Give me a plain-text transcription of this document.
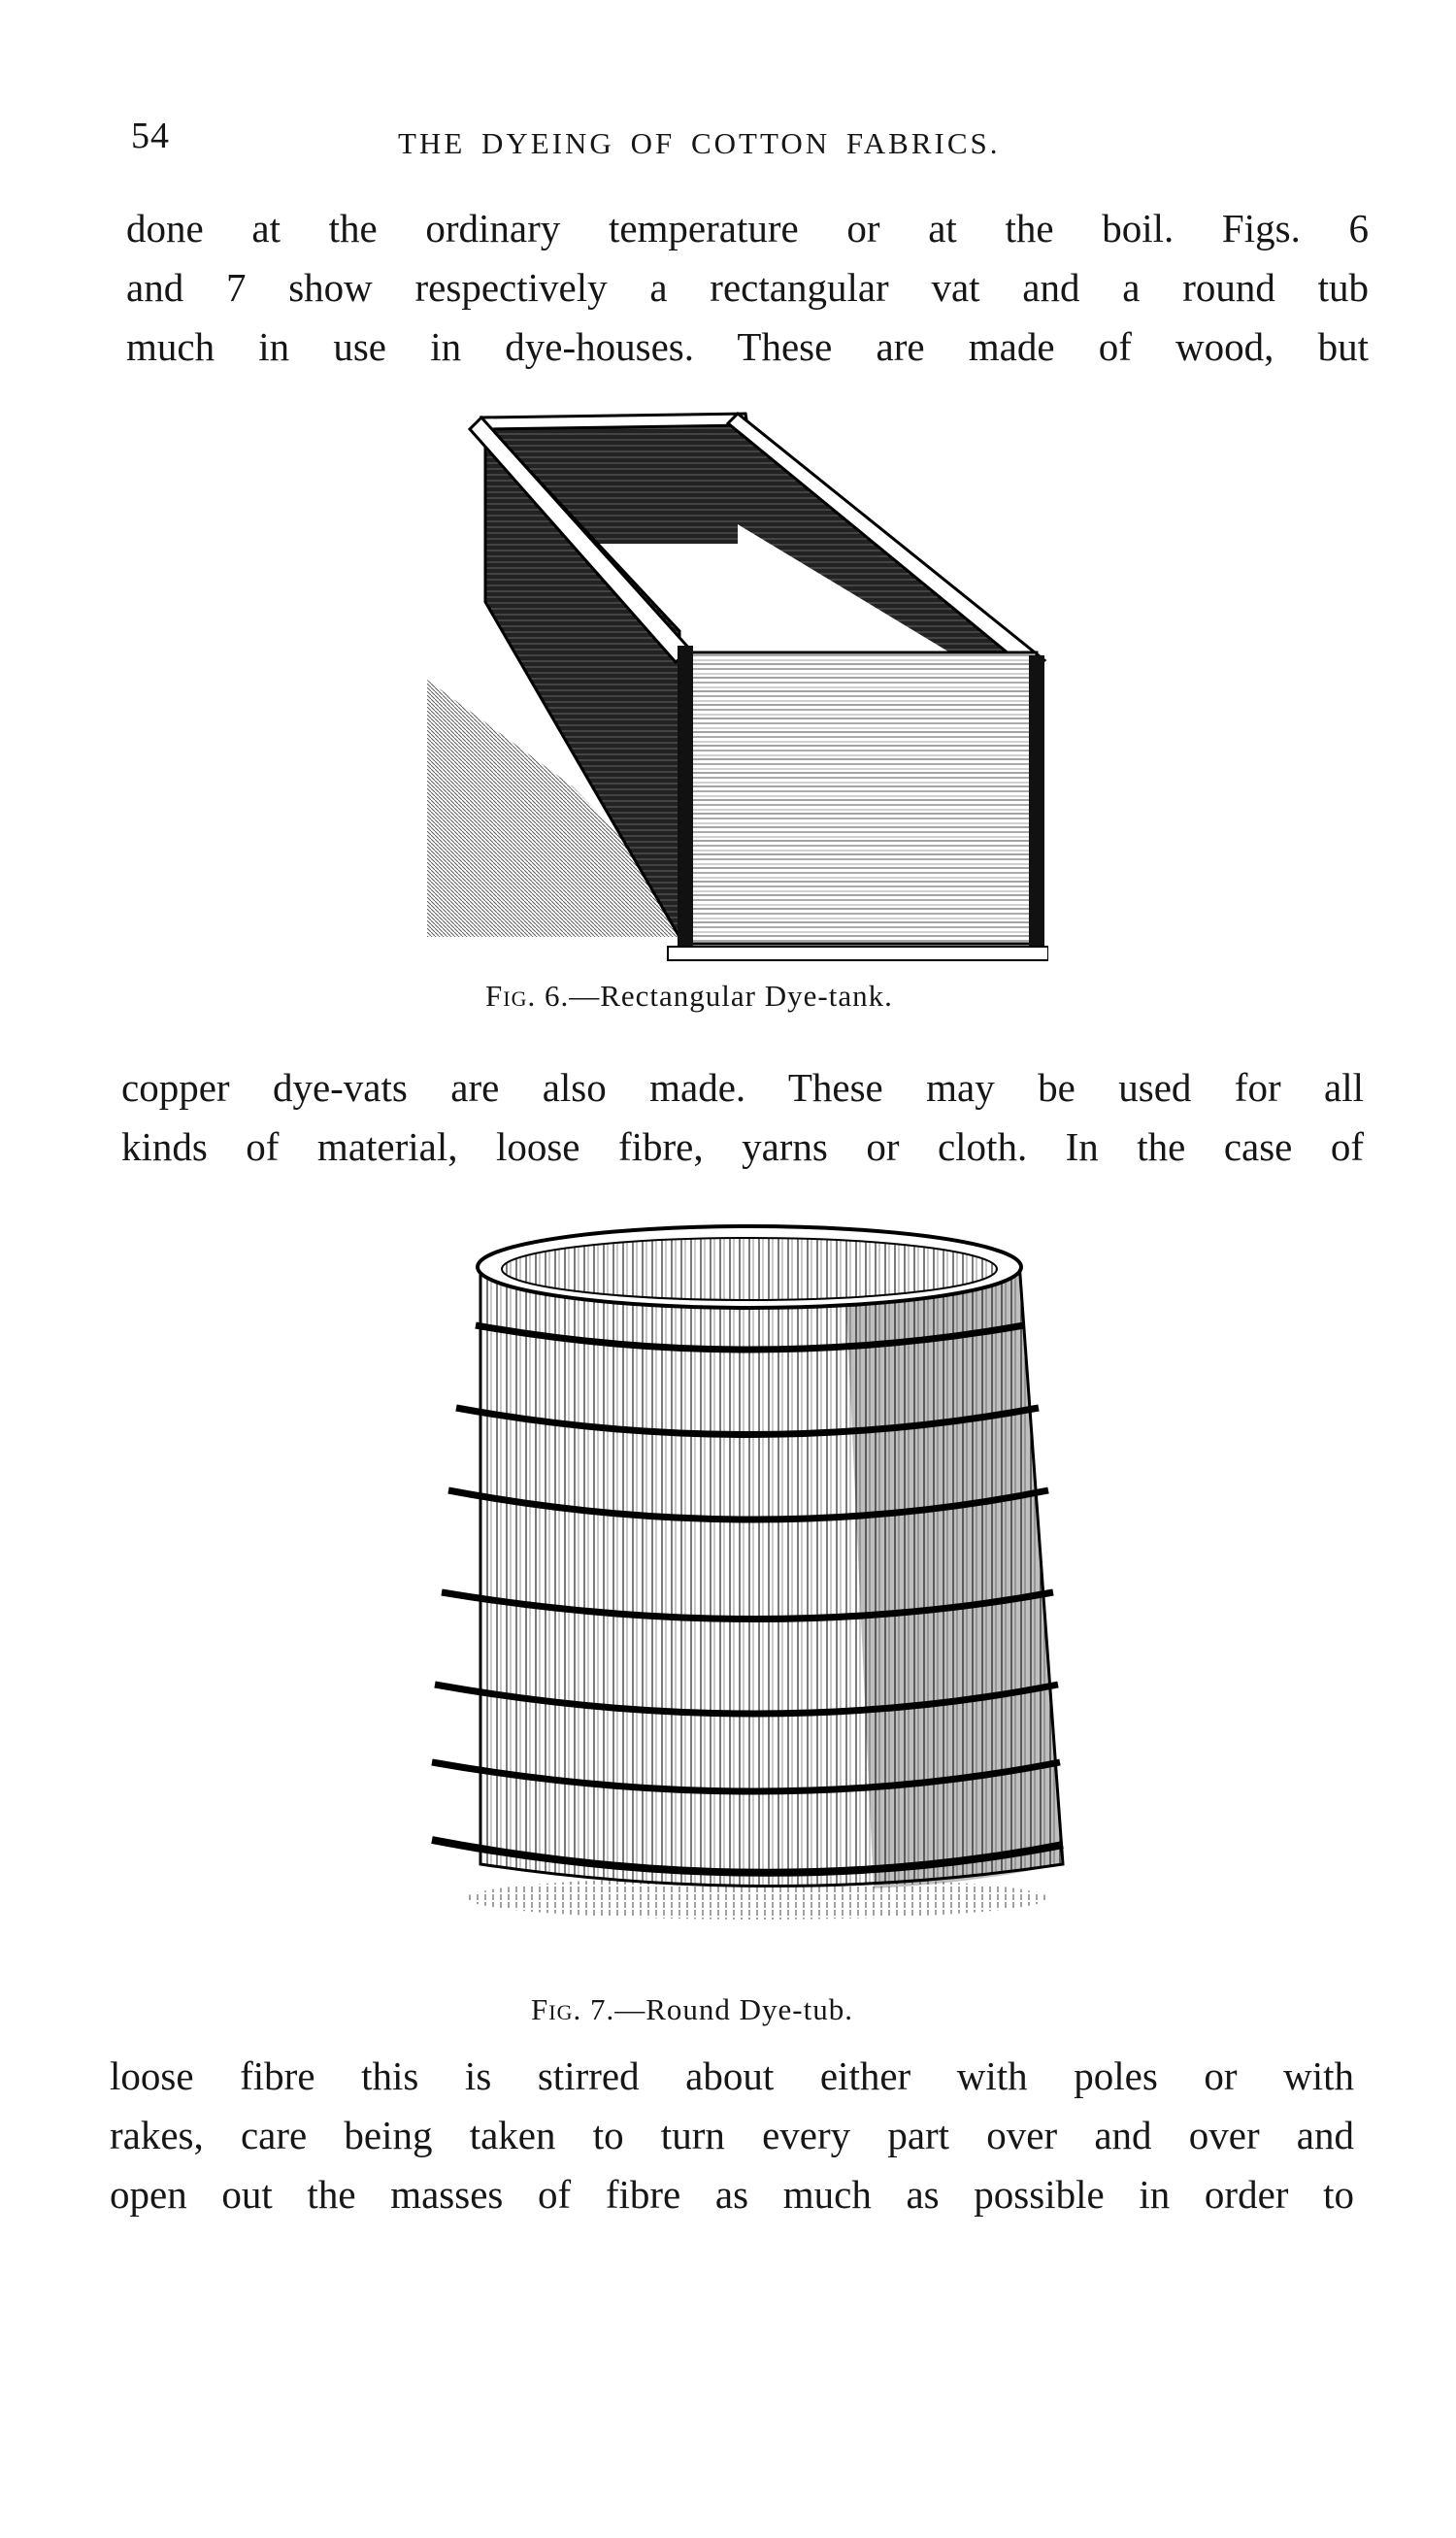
54	THE DYEING OF COTTON FABRICS.

done at the ordinary temperature or at the boil. Figs. 6
and 7 show respectively a rectangular vat and a round tub
much in use in dye-houses. These are made of wood, but

Fig. 6.—Rectangular Dye-tank.

copper dye-vats are also made. These may be used for all
kinds of material, loose fibre, yarns or cloth. In the case of

Fig. 7.—Round Dye-tub.

loose fibre this is stirred about either with poles or with
rakes, care being taken to turn every part over and over and
open out the masses of fibre as much as possible in order to
